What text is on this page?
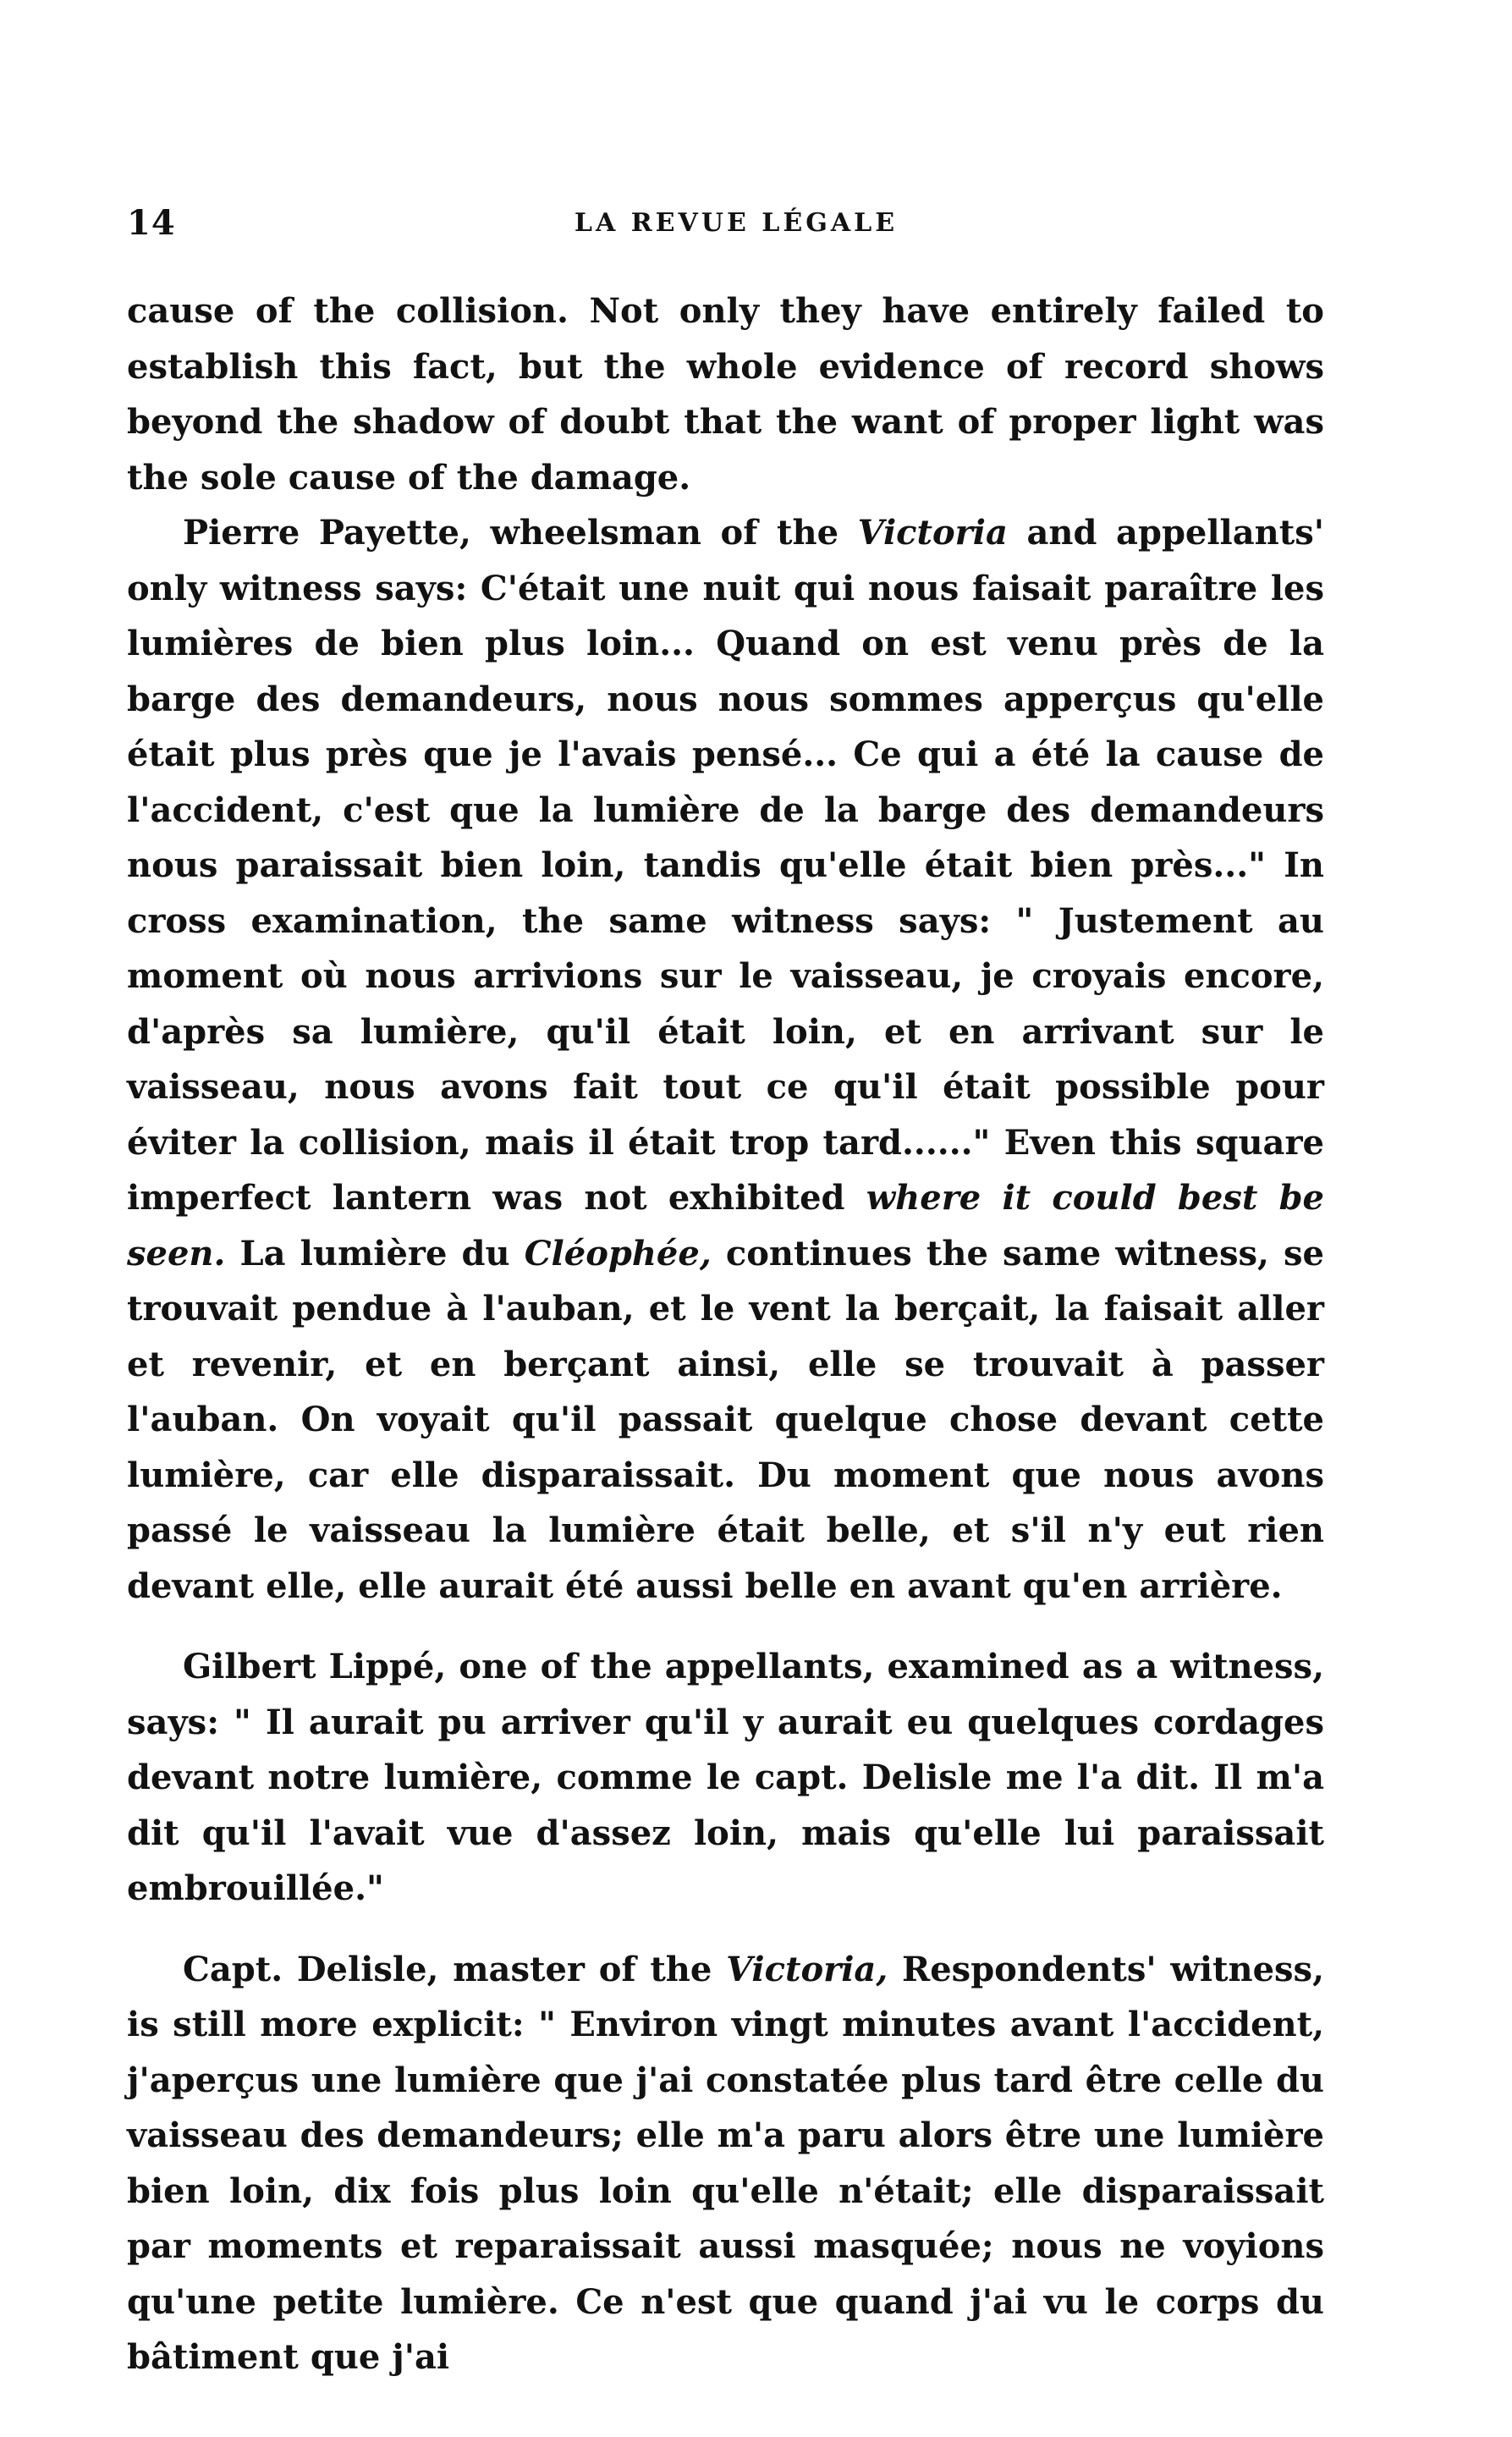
14	LA REVUE LÉGALE

cause of the collision. Not only they have entirely failed to establish this fact, but the whole evidence of record shows beyond the shadow of doubt that the want of proper light was the sole cause of the damage.

Pierre Payette, wheelsman of the Victoria and appellants' only witness says: C'était une nuit qui nous faisait paraître les lumières de bien plus loin... Quand on est venu près de la barge des demandeurs, nous nous sommes apperçus qu'elle était plus près que je l'avais pensé... Ce qui a été la cause de l'accident, c'est que la lumière de la barge des demandeurs nous paraissait bien loin, tandis qu'elle était bien près..." In cross examination, the same witness says: " Justement au moment où nous arrivions sur le vaisseau, je croyais encore, d'après sa lumière, qu'il était loin, et en arrivant sur le vaisseau, nous avons fait tout ce qu'il était possible pour éviter la collision, mais il était trop tard......" Even this square imperfect lantern was not exhibited where it could best be seen. La lumière du Cléophée, continues the same witness, se trouvait pendue à l'auban, et le vent la berçait, la faisait aller et revenir, et en berçant ainsi, elle se trouvait à passer l'auban. On voyait qu'il passait quelque chose devant cette lumière, car elle disparaissait. Du moment que nous avons passé le vaisseau la lumière était belle, et s'il n'y eut rien devant elle, elle aurait été aussi belle en avant qu'en arrière.

Gilbert Lippé, one of the appellants, examined as a witness, says: " Il aurait pu arriver qu'il y aurait eu quelques cordages devant notre lumière, comme le capt. Delisle me l'a dit. Il m'a dit qu'il l'avait vue d'assez loin, mais qu'elle lui paraissait embrouillée."

Capt. Delisle, master of the Victoria, Respondents' witness, is still more explicit: " Environ vingt minutes avant l'accident, j'aperçus une lumière que j'ai constatée plus tard être celle du vaisseau des demandeurs; elle m'a paru alors être une lumière bien loin, dix fois plus loin qu'elle n'était; elle disparaissait par moments et reparaissait aussi masquée; nous ne voyions qu'une petite lumière. Ce n'est que quand j'ai vu le corps du bâtiment que j'ai
